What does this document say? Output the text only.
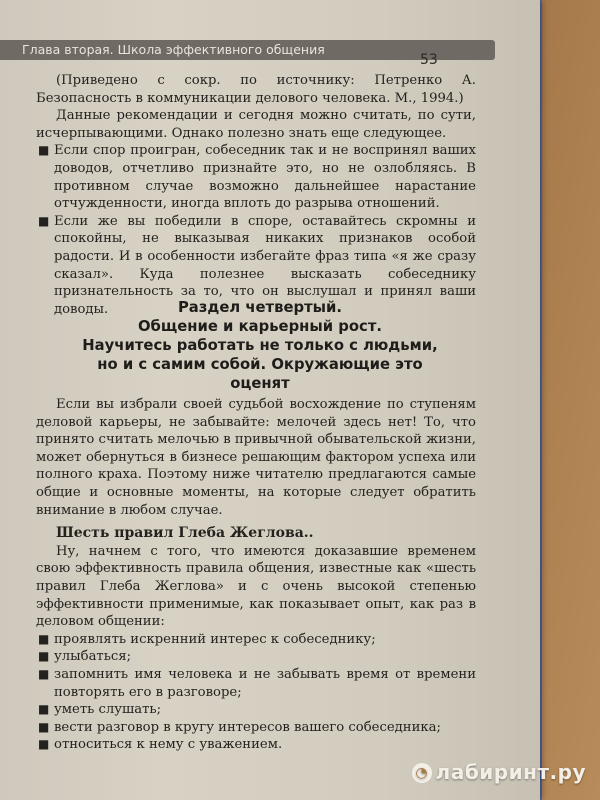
Глава вторая. Школа эффективного общения
53

(Приведено с сокр. по источнику: Петренко А. Безопасность в коммуникации делового человека. М., 1994.)

Данные рекомендации и сегодня можно считать, по сути, исчерпывающими. Однако полезно знать еще следующее.

■ Если спор проигран, собеседник так и не воспринял ваших доводов, отчетливо признайте это, но не озлобляясь. В противном случае возможно дальнейшее нарастание отчужденности, иногда вплоть до разрыва отношений.

■ Если же вы победили в споре, оставайтесь скромны и спокойны, не выказывая никаких признаков особой радости. И в особенности избегайте фраз типа «я же сразу сказал». Куда полезнее высказать собеседнику признательность за то, что он выслушал и принял ваши доводы.	Раздел четвертый.
Общение и карьерный рост.
Научитесь работать не только с людьми,
но и с самим собой. Окружающие это
оценят

Если вы избрали своей судьбой восхождение по ступеням деловой карьеры, не забывайте: мелочей здесь нет! То, что принято считать мелочью в привычной обывательской жизни, может обернуться в бизнесе решающим фактором успеха или полного краха. Поэтому ниже читателю предлагаются самые общие и основные моменты, на которые следует обратить внимание в любом случае.

Шесть правил Глеба Жеглова..

Ну, начнем с того, что имеются доказавшие временем свою эффективность правила общения, известные как «шесть правил Глеба Жеглова» и с очень высокой степенью эффективности применимые, как показывает опыт, как раз в деловом общении:

■ проявлять искренний интерес к собеседнику;

■ улыбаться;

■ запомнить имя человека и не забывать время от времени повторять его в разговоре;

■ уметь слушать;

■ вести разговор в кругу интересов вашего собеседника;

■ относиться к нему с уважением.

◔ лабиринт.ру
